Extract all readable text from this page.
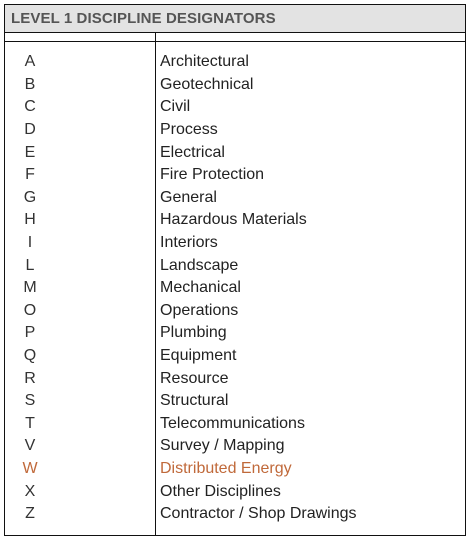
LEVEL 1 DISCIPLINE DESIGNATORS
A	Architectural
B	Geotechnical
C	Civil
D	Process
E	Electrical
F	Fire Protection
G	General
H	Hazardous Materials
I	Interiors
L	Landscape
M	Mechanical
O	Operations
P	Plumbing
Q	Equipment
R	Resource
S	Structural
T	Telecommunications
V	Survey / Mapping
W	Distributed Energy
X	Other Disciplines
Z	Contractor / Shop Drawings
